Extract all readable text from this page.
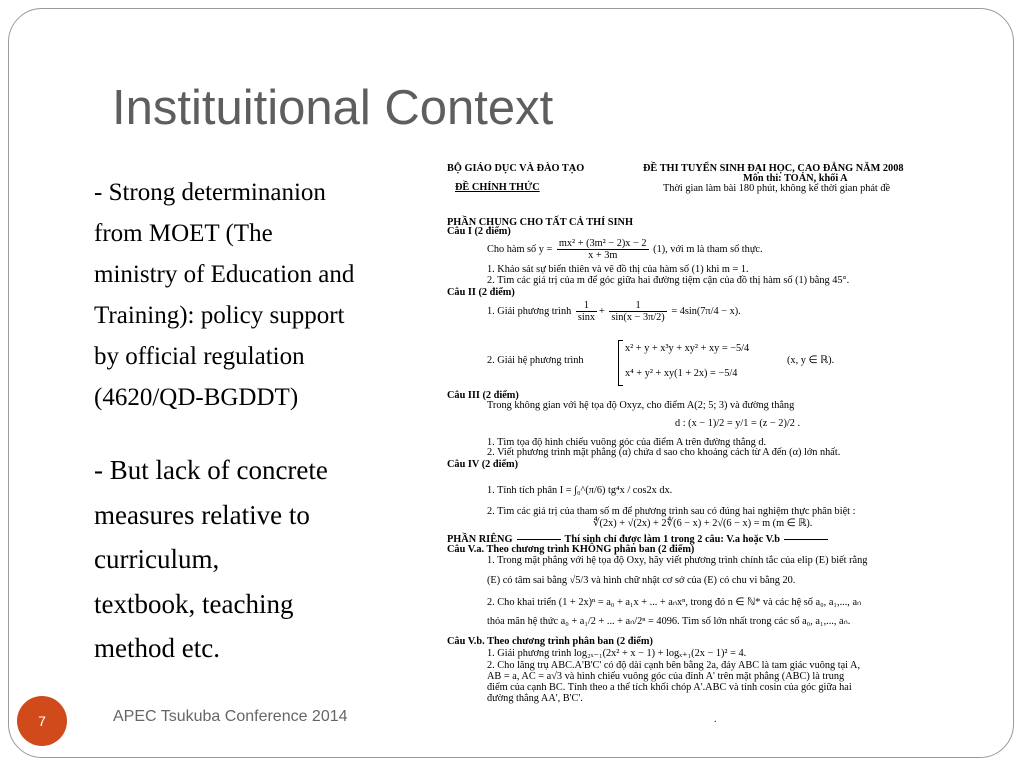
Instituitional Context
- Strong determinanion
from MOET (The
ministry of Education and
Training): policy support
by official regulation
(4620/QD-BGDDT)
- But lack of concrete
measures relative to
curriculum,
textbook, teaching
method etc.
BỘ GIÁO DỤC VÀ ĐÀO TẠO
ĐỀ CHÍNH THỨC
ĐỀ THI TUYỂN SINH ĐẠI HỌC, CAO ĐẲNG NĂM 2008
Môn thi: TOÁN, khối A
Thời gian làm bài 180 phút, không kể thời gian phát đề
PHẦN CHUNG CHO TẤT CẢ THÍ SINH
Câu I (2 điểm)
Cho hàm số $y = \frac{\text{mx² + (3m² − 2)x − 2}}{x + 3m} (1)$, với m là tham số thực.
1. Khảo sát sự biến thiên và vẽ đồ thị của hàm số (1) khi m = 1.
2. Tìm các giá trị của m để góc giữa hai đường tiệm cận của đồ thị hàm số (1) bằng 45°.
Câu II (2 điểm)
1. Giải phương trình $\frac{1}{\sin x} + \frac{1}{\sin(x - 3\pi/2)} = 4\sin(7\pi/4 - x)$.
2. Giải hệ phương trình
x² + y + x³y + xy² + xy = −5/4
x⁴ + y² + xy(1 + 2x) = −5/4
(x, y ∈ ℝ).
Câu III (2 điểm)
Trong không gian với hệ tọa độ Oxyz, cho điểm A(2; 5; 3) và đường thẳng
d : (x − 1)/2 = y/1 = (z − 2)/2 .
1. Tìm tọa độ hình chiếu vuông góc của điểm A trên đường thẳng d.
2. Viết phương trình mặt phẳng (α) chứa d sao cho khoảng cách từ A đến (α) lớn nhất.
Câu IV (2 điểm)
1. Tính tích phân I = ∫₀^(π/6) tg⁴x / cos2x dx.
2. Tìm các giá trị của tham số m để phương trình sau có đúng hai nghiệm thực phân biệt :
∜(2x) + √(2x) + 2∜(6 − x) + 2√(6 − x) = m (m ∈ ℝ).
PHẦN RIÊNG	Thí sinh chỉ được làm 1 trong 2 câu: V.a hoặc V.b
Câu V.a. Theo chương trình KHÔNG phân ban (2 điểm)
1. Trong mặt phẳng với hệ tọa độ Oxy, hãy viết phương trình chính tắc của elip (E) biết rằng
(E) có tâm sai bằng √5/3 và hình chữ nhật cơ sở của (E) có chu vi bằng 20.
2. Cho khai triển (1 + 2x)ⁿ = a₀ + a₁x + ... + aₙxⁿ, trong đó n ∈ ℕ* và các hệ số a₀, a₁,..., aₙ
thỏa mãn hệ thức a₀ + a₁/2 + ... + aₙ/2ⁿ = 4096. Tìm số lớn nhất trong các số a₀, a₁,..., aₙ.
Câu V.b. Theo chương trình phân ban (2 điểm)
1. Giải phương trình log₂ₓ₋₁(2x² + x − 1) + logₓ₊₁(2x − 1)² = 4.
2. Cho lăng trụ ABC.A'B'C' có độ dài cạnh bên bằng 2a, đáy ABC là tam giác vuông tại A,
AB = a, AC = a√3 và hình chiếu vuông góc của đỉnh A' trên mặt phẳng (ABC) là trung
điểm của cạnh BC. Tính theo a thể tích khối chóp A'.ABC và tính cosin của góc giữa hai
đường thẳng AA', B'C'.
.
7	APEC Tsukuba Conference 2014
